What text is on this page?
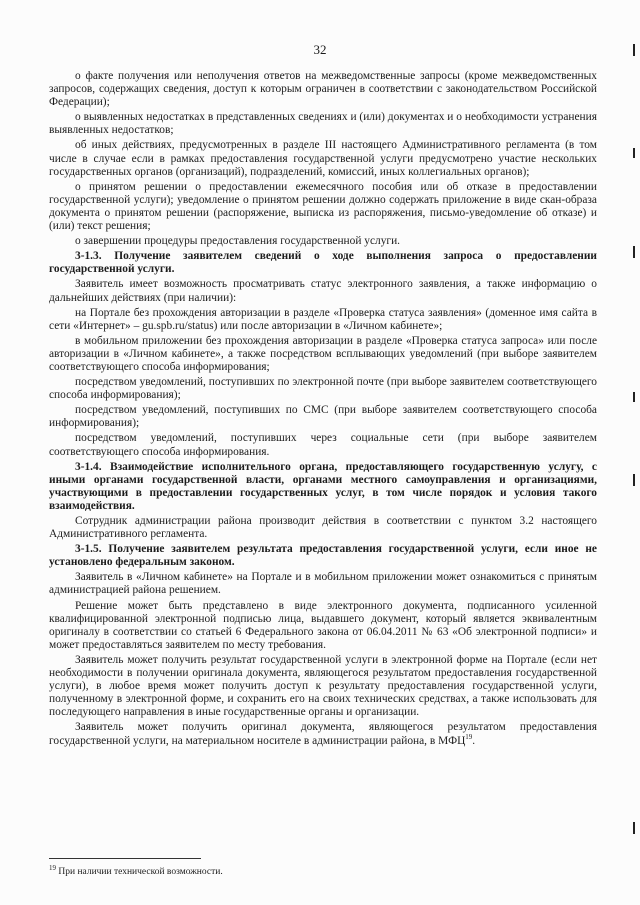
32

о факте получения или неполучения ответов на межведомственные запросы (кроме межведомственных запросов, содержащих сведения, доступ к которым ограничен в соответствии с законодательством Российской Федерации);

о выявленных недостатках в представленных сведениях и (или) документах и о необходимости устранения выявленных недостатков;

об иных действиях, предусмотренных в разделе III настоящего Административного регламента (в том числе в случае если в рамках предоставления государственной услуги предусмотрено участие нескольких государственных органов (организаций), подразделений, комиссий, иных коллегиальных органов);

о принятом решении о предоставлении ежемесячного пособия или об отказе в предоставлении государственной услуги); уведомление о принятом решении должно содержать приложение в виде скан-образа документа о принятом решении (распоряжение, выписка из распоряжения, письмо-уведомление об отказе) и (или) текст решения;

о завершении процедуры предоставления государственной услуги.

3-1.3. Получение заявителем сведений о ходе выполнения запроса о предоставлении государственной услуги.

Заявитель имеет возможность просматривать статус электронного заявления, а также информацию о дальнейших действиях (при наличии):

на Портале без прохождения авторизации в разделе «Проверка статуса заявления» (доменное имя сайта в сети «Интернет» – gu.spb.ru/status) или после авторизации в «Личном кабинете»;

в мобильном приложении без прохождения авторизации в разделе «Проверка статуса запроса» или после авторизации в «Личном кабинете», а также посредством всплывающих уведомлений (при выборе заявителем соответствующего способа информирования;

посредством уведомлений, поступивших по электронной почте (при выборе заявителем соответствующего способа информирования);

посредством уведомлений, поступивших по СМС (при выборе заявителем соответствующего способа информирования);

посредством уведомлений, поступивших через социальные сети (при выборе заявителем соответствующего способа информирования.

3-1.4. Взаимодействие исполнительного органа, предоставляющего государственную услугу, с иными органами государственной власти, органами местного самоуправления и организациями, участвующими в предоставлении государственных услуг, в том числе порядок и условия такого взаимодействия.

Сотрудник администрации района производит действия в соответствии с пунктом 3.2 настоящего Административного регламента.

3-1.5. Получение заявителем результата предоставления государственной услуги, если иное не установлено федеральным законом.

Заявитель в «Личном кабинете» на Портале и в мобильном приложении может ознакомиться с принятым администрацией района решением.

Решение может быть представлено в виде электронного документа, подписанного усиленной квалифицированной электронной подписью лица, выдавшего документ, который является эквивалентным оригиналу в соответствии со статьей 6 Федерального закона от 06.04.2011 № 63 «Об электронной подписи» и может предоставляться заявителем по месту требования.

Заявитель может получить результат государственной услуги в электронной форме на Портале (если нет необходимости в получении оригинала документа, являющегося результатом предоставления государственной услуги), в любое время может получить доступ к результату предоставления государственной услуги, полученному в электронной форме, и сохранить его на своих технических средствах, а также использовать для последующего направления в иные государственные органы и организации.

Заявитель может получить оригинал документа, являющегося результатом предоставления государственной услуги, на материальном носителе в администрации района, в МФЦ$^{19}$.

$^{19}$ При наличии технической возможности.
